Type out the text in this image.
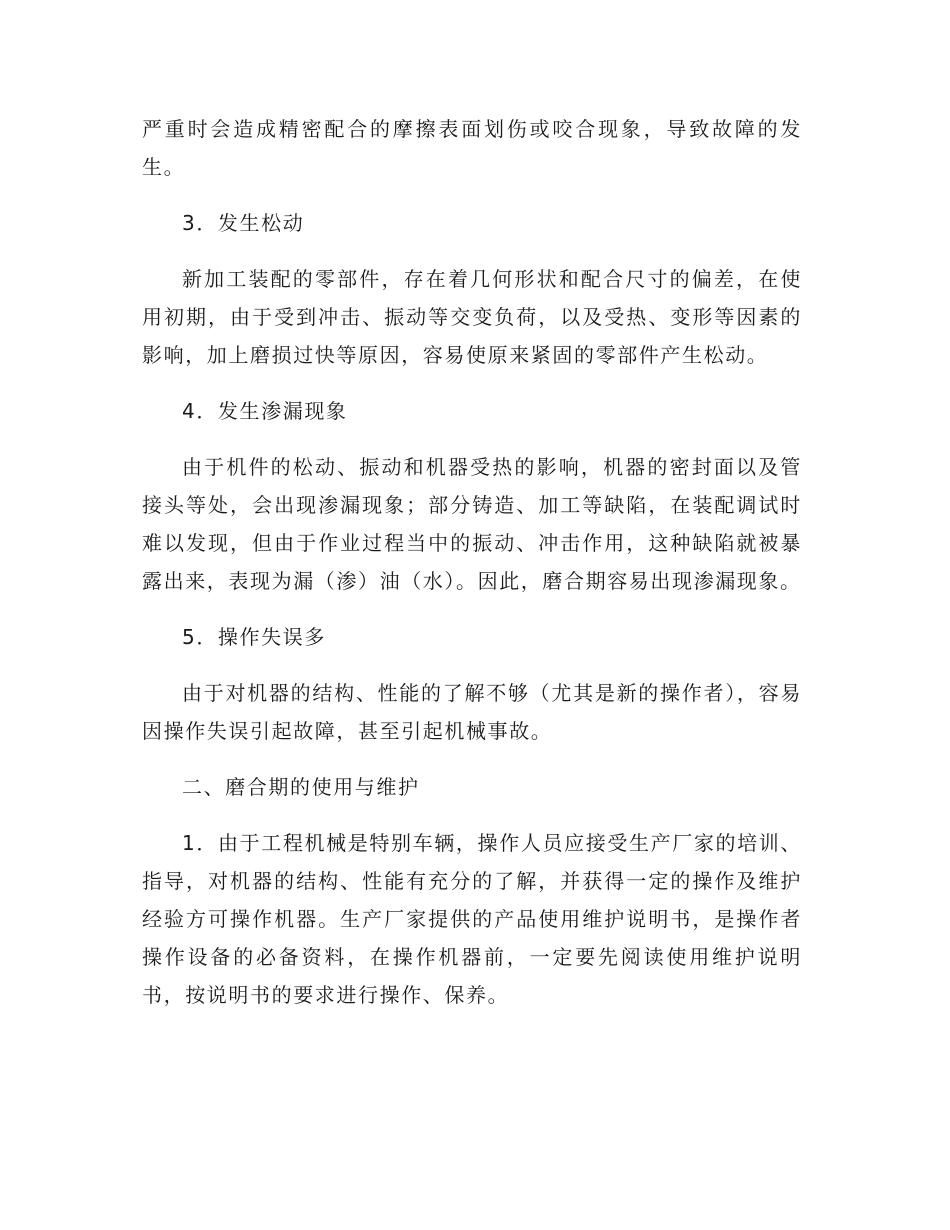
严重时会造成精密配合的摩擦表面划伤或咬合现象，导致故障的发生。

3．发生松动

新加工装配的零部件，存在着几何形状和配合尺寸的偏差，在使用初期，由于受到冲击、振动等交变负荷，以及受热、变形等因素的影响，加上磨损过快等原因，容易使原来紧固的零部件产生松动。

4．发生渗漏现象

由于机件的松动、振动和机器受热的影响，机器的密封面以及管接头等处，会出现渗漏现象；部分铸造、加工等缺陷，在装配调试时难以发现，但由于作业过程当中的振动、冲击作用，这种缺陷就被暴露出来，表现为漏（渗）油（水）。因此，磨合期容易出现渗漏现象。

5．操作失误多

由于对机器的结构、性能的了解不够（尤其是新的操作者），容易因操作失误引起故障，甚至引起机械事故。

二、磨合期的使用与维护

1．由于工程机械是特别车辆，操作人员应接受生产厂家的培训、指导，对机器的结构、性能有充分的了解，并获得一定的操作及维护经验方可操作机器。生产厂家提供的产品使用维护说明书，是操作者操作设备的必备资料，在操作机器前，一定要先阅读使用维护说明书，按说明书的要求进行操作、保养。
